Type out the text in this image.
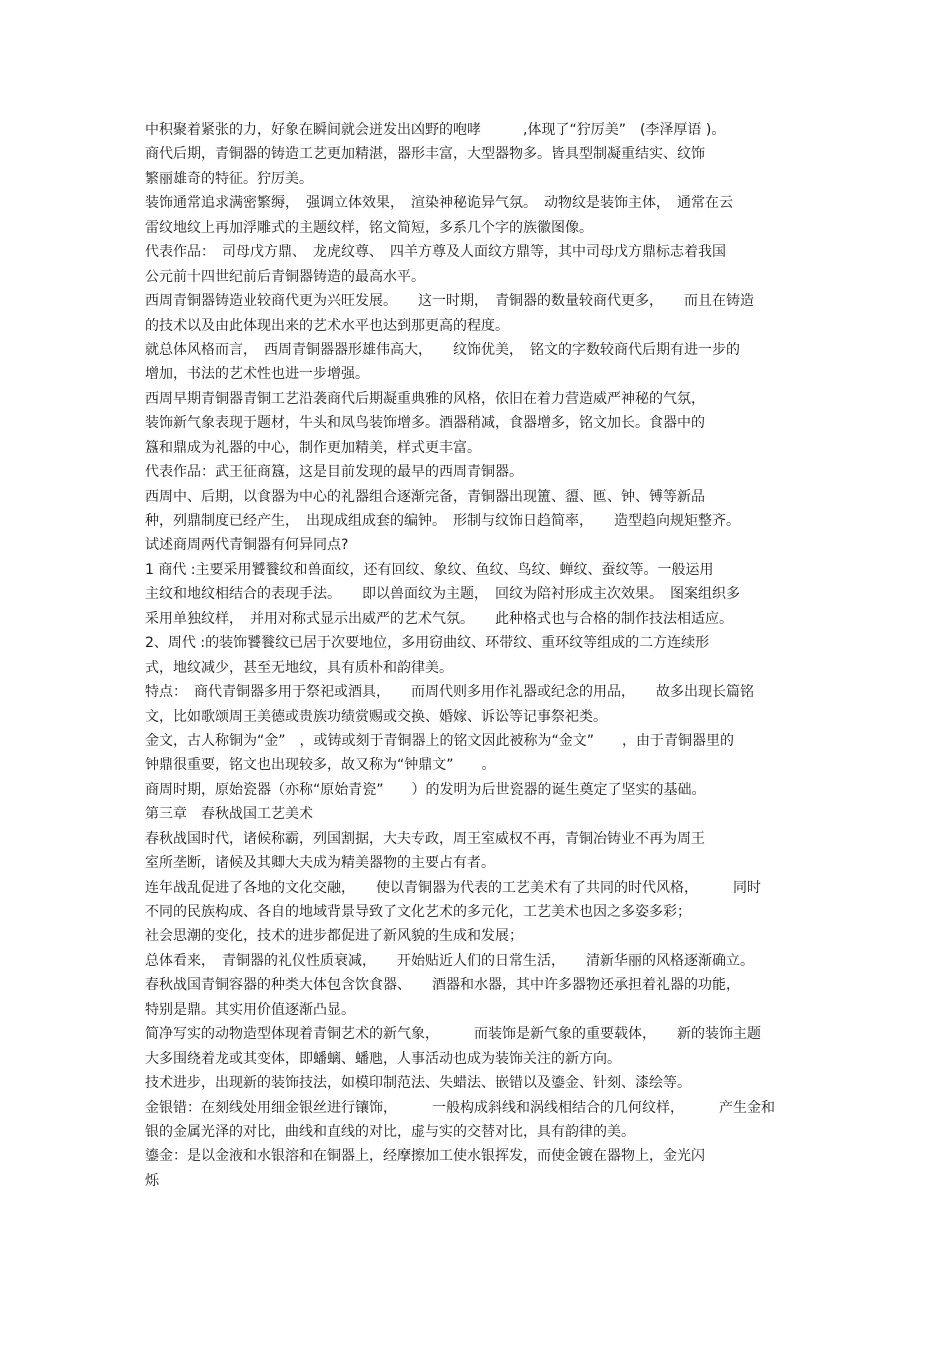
中积聚着紧张的力，好象在瞬间就会迸发出凶野的咆哮　　　,体现了“狞厉美”　(李泽厚语 )。
商代后期，青铜器的铸造工艺更加精湛，器形丰富，大型器物多。皆具型制凝重结实、纹饰
繁丽雄奇的特征。狞厉美。
装饰通常追求满密繁缛，　强调立体效果，　渲染神秘诡异气氛。　动物纹是装饰主体，　通常在云
雷纹地纹上再加浮雕式的主题纹样，铭文简短，多系几个字的族徽图像。
代表作品：　司母戊方鼎、　龙虎纹尊、　四羊方尊及人面纹方鼎等，其中司母戊方鼎标志着我国
公元前十四世纪前后青铜器铸造的最高水平。
西周青铜器铸造业较商代更为兴旺发展。　　这一时期，　青铜器的数量较商代更多，　　而且在铸造
的技术以及由此体现出来的艺术水平也达到那更高的程度。
就总体风格而言，　西周青铜器器形雄伟高大，　　纹饰优美，　铭文的字数较商代后期有进一步的
增加，书法的艺术性也进一步增强。
西周早期青铜器青铜工艺沿袭商代后期凝重典雅的风格，依旧在着力营造威严神秘的气氛，
装饰新气象表现于题材，牛头和凤鸟装饰增多。酒器稍减，食器增多，铭文加长。食器中的
簋和鼎成为礼器的中心，制作更加精美，样式更丰富。
代表作品：武王征商簋，这是目前发现的最早的西周青铜器。
西周中、后期，以食器为中心的礼器组合逐渐完备，青铜器出现簠、盨、匜、钟、镈等新品
种，列鼎制度已经产生，　出现成组成套的编钟。　形制与纹饰日趋简率，　　造型趋向规矩整齐。
试述商周两代青铜器有何异同点?
1 商代 :主要采用饕餮纹和兽面纹，还有回纹、象纹、鱼纹、鸟纹、蝉纹、蚕纹等。一般运用
主纹和地纹相结合的表现手法。　　即以兽面纹为主题，　回纹为陪衬形成主次效果。　图案组织多
采用单独纹样，　并用对称式显示出威严的艺术气氛。　　此种格式也与合格的制作技法相适应。
2、周代 :的装饰饕餮纹已居于次要地位，多用窃曲纹、环带纹、重环纹等组成的二方连续形
式，地纹减少，甚至无地纹，具有质朴和韵律美。
特点：　商代青铜器多用于祭祀或酒具，　　而周代则多用作礼器或纪念的用品，　　故多出现长篇铭
文，比如歌颂周王美德或贵族功绩赏赐或交换、婚嫁、诉讼等记事祭祀类。
金文，古人称铜为“金”　，或铸或刻于青铜器上的铭文因此被称为“金文”　　，由于青铜器里的
钟鼎很重要，铭文也出现较多，故又称为“钟鼎文”　　。
商周时期，原始瓷器（亦称“原始青瓷”　　）的发明为后世瓷器的诞生奠定了坚实的基础。
第三章　春秋战国工艺美术
春秋战国时代，诸候称霸，列国割据，大夫专政，周王室威权不再，青铜冶铸业不再为周王
室所垄断，诸候及其卿大夫成为精美器物的主要占有者。
连年战乱促进了各地的文化交融，　　使以青铜器为代表的工艺美术有了共同的时代风格，　　　同时
不同的民族构成、各自的地域背景导致了文化艺术的多元化，工艺美术也因之多姿多彩；
社会思潮的变化，技术的进步都促进了新风貌的生成和发展；
总体看来，　青铜器的礼仪性质衰减，　　开始贴近人们的日常生活，　　清新华丽的风格逐渐确立。
春秋战国青铜容器的种类大体包含饮食器、　　酒器和水器，其中许多器物还承担着礼器的功能，
特别是鼎。其实用价值逐渐凸显。
简净写实的动物造型体现着青铜艺术的新气象，　　　而装饰是新气象的重要载体，　　新的装饰主题
大多围绕着龙或其变体，即蟠螭、蟠虺，人事活动也成为装饰关注的新方向。
技术进步，出现新的装饰技法，如模印制范法、失蜡法、嵌错以及鎏金、针刻、漆绘等。
金银错：在刻线处用细金银丝进行镶饰，　　　一般构成斜线和涡线相结合的几何纹样，　　　产生金和
银的金属光泽的对比，曲线和直线的对比，虚与实的交替对比，具有韵律的美。
鎏金：是以金液和水银溶和在铜器上，经摩擦加工使水银挥发，而使金镀在器物上，金光闪
烁
